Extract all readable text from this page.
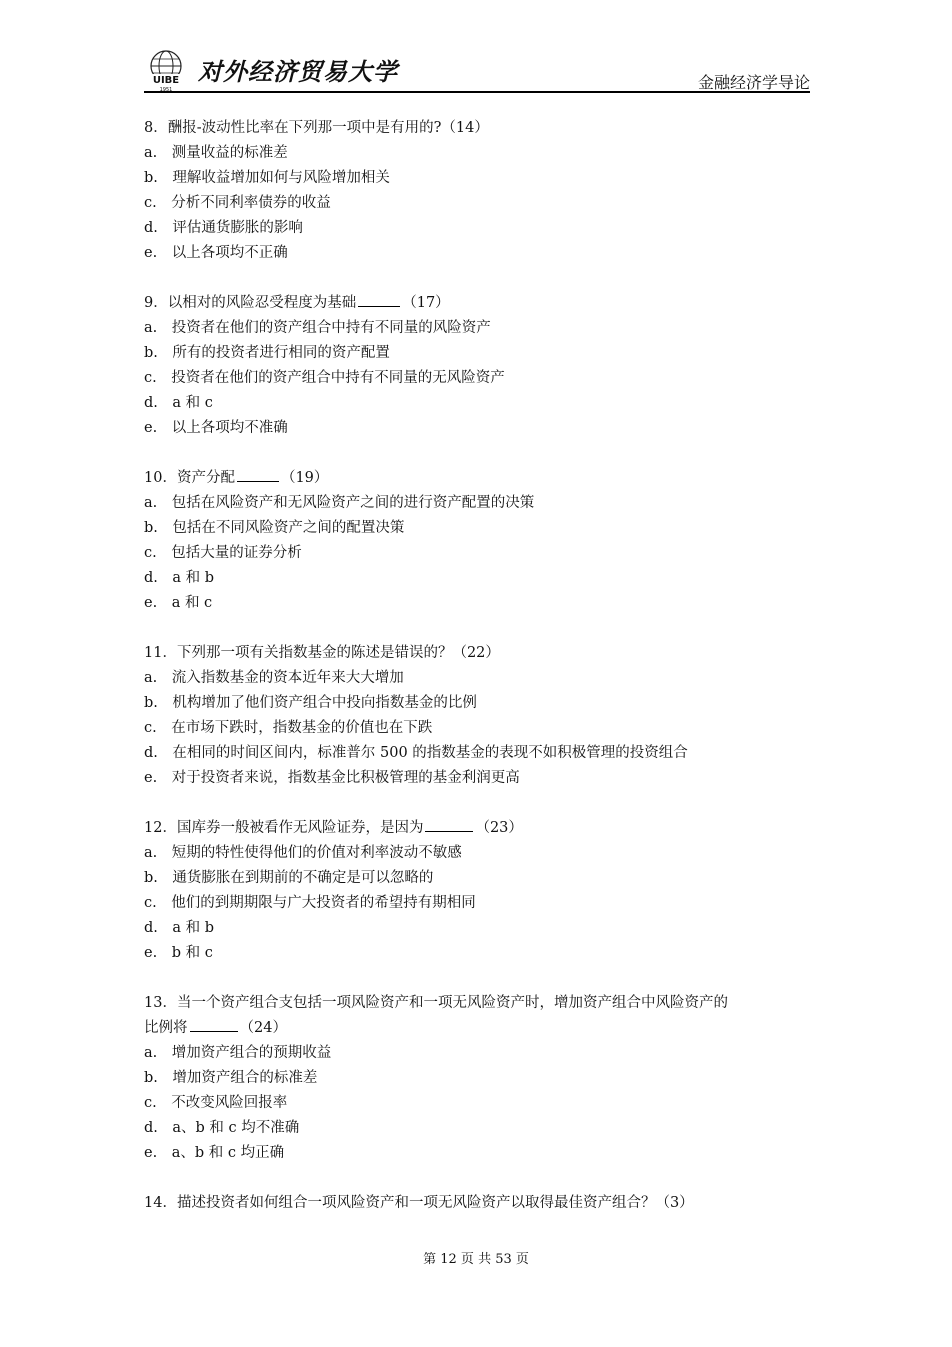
UIBE
1951
对外经济贸易大学	金融经济学导论
8．酬报-波动性比率在下列那一项中是有用的?（14）
a.　测量收益的标准差
b.　理解收益增加如何与风险增加相关
c.　分析不同利率债券的收益
d.　评估通货膨胀的影响
e.　以上各项均不正确
9．以相对的风险忍受程度为基础	（17）
a.　投资者在他们的资产组合中持有不同量的风险资产
b.　所有的投资者进行相同的资产配置
c.　投资者在他们的资产组合中持有不同量的无风险资产
d.　a 和 c
e.　以上各项均不准确
10．资产分配	（19）
a.　包括在风险资产和无风险资产之间的进行资产配置的决策
b.　包括在不同风险资产之间的配置决策
c.　包括大量的证券分析
d.　a 和 b
e.　a 和 c
11．下列那一项有关指数基金的陈述是错误的？（22）
a.　流入指数基金的资本近年来大大增加
b.　机构增加了他们资产组合中投向指数基金的比例
c.　在市场下跌时，指数基金的价值也在下跌
d.　在相同的时间区间内，标准普尔 500 的指数基金的表现不如积极管理的投资组合
e.　对于投资者来说，指数基金比积极管理的基金利润更高
12．国库券一般被看作无风险证券，是因为	（23）
a.　短期的特性使得他们的价值对利率波动不敏感
b.　通货膨胀在到期前的不确定是可以忽略的
c.　他们的到期期限与广大投资者的希望持有期相同
d.　a 和 b
e.　b 和 c
13．当一个资产组合支包括一项风险资产和一项无风险资产时，增加资产组合中风险资产的
比例将	（24）
a.　增加资产组合的预期收益
b.　增加资产组合的标准差
c.　不改变风险回报率
d.　a、b 和 c 均不准确
e.　a、b 和 c 均正确
14．描述投资者如何组合一项风险资产和一项无风险资产以取得最佳资产组合？（3）
第 12 页 共 53 页
